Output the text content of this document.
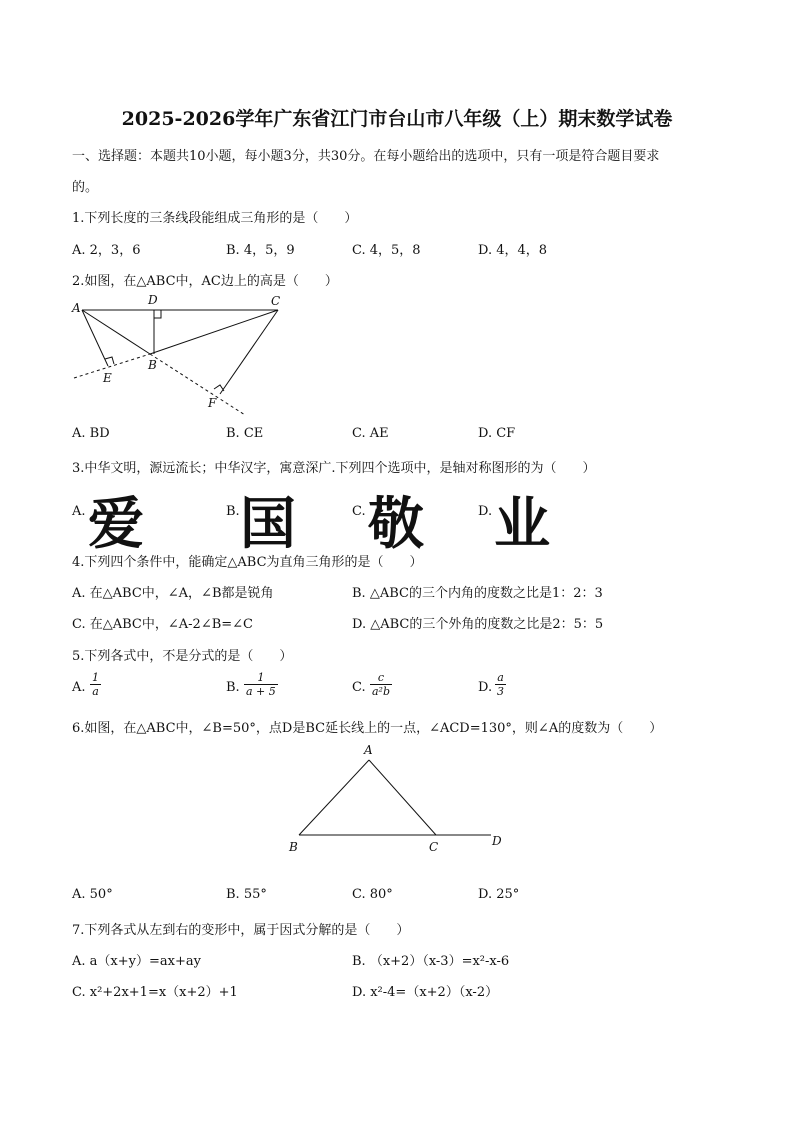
2025-2026学年广东省江门市台山市八年级（上）期末数学试卷
一、选择题：本题共10小题，每小题3分，共30分。在每小题给出的选项中，只有一项是符合题目要求
的。
1.下列长度的三条线段能组成三角形的是（　　）
A. 2，3，6	B. 4，5，9	C. 4，5，8	D. 4，4，8
2.如图，在△ABC中，AC边上的高是（　　）
A
D	C
B
E
F
A. BD	B. CE	C. AE	D. CF
3.中华文明，源远流长；中华汉字，寓意深广.下列四个选项中，是轴对称图形的为（　　）
A. 爱	B. 国	C. 敬	D. 业
4.下列四个条件中，能确定△ABC为直角三角形的是（　　）
A. 在△ABC中，∠A，∠B都是锐角	B. △ABC的三个内角的度数之比是1：2：3
C. 在△ABC中，∠A-2∠B=∠C	D. △ABC的三个外角的度数之比是2：5：5
5.下列各式中，不是分式的是（　　）
A. $\frac{1}{a}$	B. $\frac{1}{a + 5}$	C. $\frac{c}{\text{a²b}}$	D. $\frac{a}{3}$
6.如图，在△ABC中，∠B=50°，点D是BC延长线上的一点，∠ACD=130°，则∠A的度数为（　　）
A
B	C	D
A. 50°	B. 55°	C. 80°	D. 25°
7.下列各式从左到右的变形中，属于因式分解的是（　　）
A. a（x+y）=ax+ay	B. （x+2）（x-3）=x²-x-6
C. x²+2x+1=x（x+2）+1	D. x²-4=（x+2）（x-2）
